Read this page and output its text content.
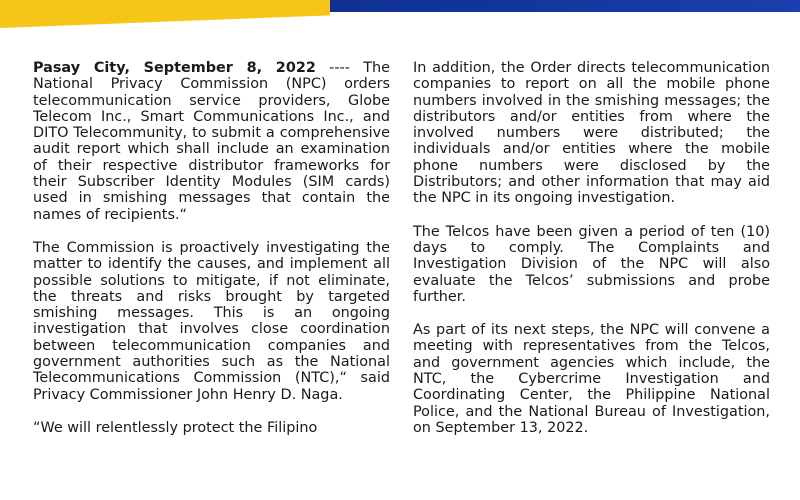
Pasay City, September 8, 2022 ---- The National Privacy Commission (NPC) orders telecommunication service providers, Globe Telecom Inc., Smart Communications Inc., and DITO Telecommunity, to submit a comprehensive audit report which shall include an examination of their respective distributor frameworks for their Subscriber Identity Modules (SIM cards) used in smishing messages that contain the names of recipients.“

The Commission is proactively investigating the matter to identify the causes, and implement all possible solutions to mitigate, if not eliminate, the threats and risks brought by targeted smishing messages. This is an ongoing investigation that involves close coordination between telecommunication companies and government authorities such as the National Telecommunications Commission (NTC),“ said Privacy Commissioner John Henry D. Naga.

“We will relentlessly protect the Filipino

In addition, the Order directs telecommunication companies to report on all the mobile phone numbers involved in the smishing messages; the distributors and/or entities from where the involved numbers were distributed; the individuals and/or entities where the mobile phone numbers were disclosed by the Distributors; and other information that may aid the NPC in its ongoing investigation.

The Telcos have been given a period of ten (10) days to comply. The Complaints and Investigation Division of the NPC will also evaluate the Telcos’ submissions and probe further.

As part of its next steps, the NPC will convene a meeting with representatives from the Telcos, and government agencies which include, the NTC, the Cybercrime Investigation and Coordinating Center, the Philippine National Police, and the National Bureau of Investigation, on September 13, 2022.
